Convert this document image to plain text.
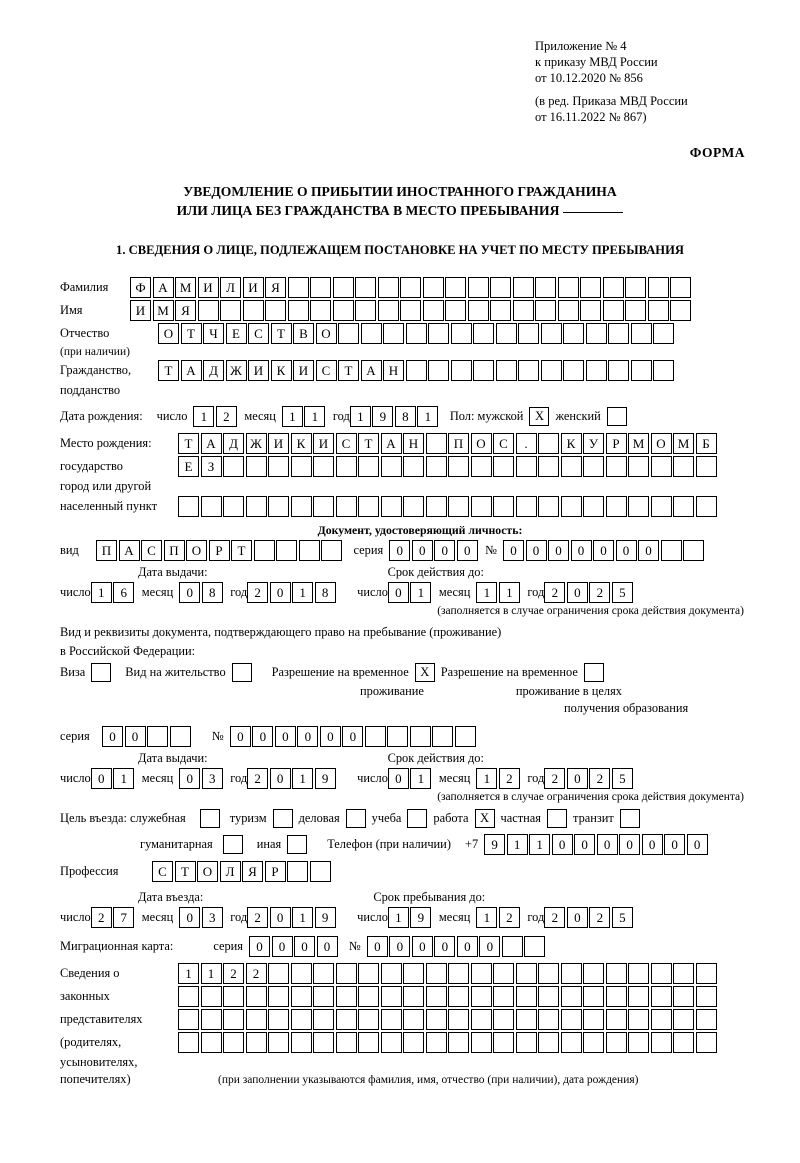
Приложение № 4
к приказу МВД России
от 10.12.2020 № 856
(в ред. Приказа МВД России
от 16.11.2022 № 867)
ФОРМА
УВЕДОМЛЕНИЕ О ПРИБЫТИИ ИНОСТРАННОГО ГРАЖДАНИНА
ИЛИ ЛИЦА БЕЗ ГРАЖДАНСТВА В МЕСТО ПРЕБЫВАНИЯ
1. СВЕДЕНИЯ О ЛИЦЕ, ПОДЛЕЖАЩЕМ ПОСТАНОВКЕ НА УЧЕТ ПО МЕСТУ ПРЕБЫВАНИЯ
Фамилия	Ф А М И	Л	И	Я
Имя	И М Я
Отчество	О	Т	Ч	Е	С	Т	В	О
(при наличии)
Гражданство,	Т	А	Д Ж И	К	И	С	Т	А	Н
подданство
Дата рождения: число	1	2	месяц	1	1	год 1	9	8	1	Пол: мужской Х женский
Место рождения:	Т	А	Д Ж И	К	И	С	Т	А	Н	П	О	С	.	К	У	Р	М О М Б
государство	Е	З
город или другой
населенный пункт
Документ, удостоверяющий личность:
вид	П	А	С	П	О	Р	Т	серия	0	0	0	0	№	0	0	0	0	0	0	0
Дата выдачи:	Срок действия до:
число 1	6	месяц	0	8	год 2	0	1	8	число 0	1	месяц	1	1	год 2	0	2	5
(заполняется в случае ограничения срока действия документа)
Вид и реквизиты документа, подтверждающего право на пребывание (проживание)
в Российской Федерации:
Виза	Вид на жительство	Разрешение на временное Х Разрешение на временное
проживание	проживание в целях
получения образования
серия	0	0	№	0	0	0	0	0	0
Дата выдачи:	Срок действия до:
число 0	1	месяц	0	3	год 2	0	1	9	число 0	1	месяц	1	2	год 2	0	2	5
(заполняется в случае ограничения срока действия документа)
Цель въезда: служебная	туризм	деловая	учеба	работа Х частная	транзит
гуманитарная	иная	Телефон (при наличии) +7	9	1	1	0	0	0	0	0	0	0
Профессия	С	Т	О	Л	Я	Р
Дата въезда:	Срок пребывания до:
число 2	7	месяц	0	3	год 2	0	1	9	число 1	9	месяц	1	2	год 2	0	2	5
Миграционная карта:	серия	0	0	0	0	№	0	0	0	0	0	0
Сведения о	1	1	2	2
законных
представителях
(родителях,
усыновителях,
попечителях)	(при заполнении указываются фамилия, имя, отчество (при наличии), дата рождения)
